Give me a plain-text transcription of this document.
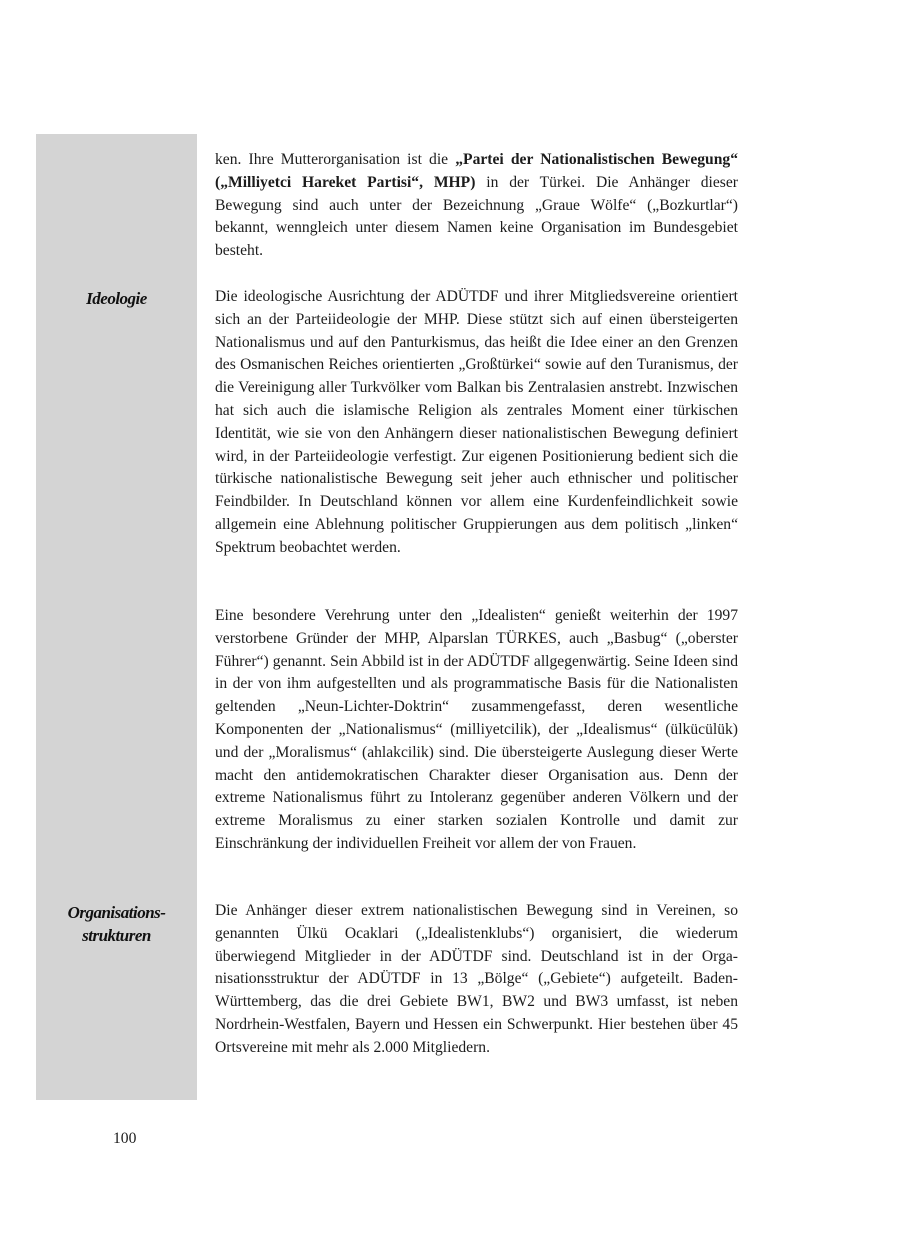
Ideologie
Organisations-
strukturen

ken. Ihre Mutterorganisation ist die „Partei der Nationalistischen Bewegung“ („Milliyetci Hareket Partisi“, MHP) in der Türkei. Die Anhänger dieser Bewegung sind auch unter der Bezeichnung „Graue Wölfe“ („Bozkurtlar“) bekannt, wenngleich unter diesem Namen keine Organisation im Bundesgebiet besteht.

Die ideologische Ausrichtung der ADÜTDF und ihrer Mitgliedsvereine orientiert sich an der Parteiideologie der MHP. Diese stützt sich auf einen übersteigerten Nationalismus und auf den Panturkismus, das heißt die Idee einer an den Grenzen des Osmanischen Reiches orientierten „Großtürkei“ sowie auf den Turanismus, der die Vereinigung aller Turkvölker vom Balkan bis Zentralasien anstrebt. Inzwischen hat sich auch die islamische Religion als zentrales Moment einer türkischen Identität, wie sie von den Anhängern dieser nationalistischen Bewegung definiert wird, in der Parteiideologie verfestigt. Zur eigenen Positionierung bedient sich die türkische nationalistische Bewegung seit jeher auch ethnischer und politischer Feindbilder. In Deutschland können vor allem eine Kurdenfeindlichkeit sowie allgemein eine Ablehnung politischer Gruppierungen aus dem politisch „linken“ Spektrum beobachtet werden.

Eine besondere Verehrung unter den „Idealisten“ genießt weiterhin der 1997 verstorbene Gründer der MHP, Alparslan TÜRKES, auch „Basbug“ („oberster Führer“) genannt. Sein Abbild ist in der ADÜTDF allgegenwärtig. Seine Ideen sind in der von ihm aufgestellten und als programmatische Basis für die Nationalisten geltenden „Neun-Lichter-Doktrin“ zusammengefasst, deren wesentliche Komponenten der „Nationalismus“ (milliyetcilik), der „Idealismus“ (ülkücülük) und der „Moralismus“ (ahlakcilik) sind. Die übersteigerte Auslegung dieser Werte macht den antidemokratischen Charakter dieser Organisation aus. Denn der extreme Nationalismus führt zu Intoleranz gegenüber anderen Völkern und der extreme Moralismus zu einer starken sozialen Kontrolle und damit zur Einschränkung der individuellen Freiheit vor allem der von Frauen.

Die Anhänger dieser extrem nationalistischen Bewegung sind in Vereinen, so genannten Ülkü Ocaklari („Idealistenklubs“) organisiert, die wiederum überwiegend Mitglieder in der ADÜTDF sind. Deutschland ist in der Organisationsstruktur der ADÜTDF in 13 „Bölge“ („Gebiete“) aufgeteilt. Baden-Württemberg, das die drei Gebiete BW1, BW2 und BW3 umfasst, ist neben Nordrhein-Westfalen, Bayern und Hessen ein Schwerpunkt. Hier bestehen über 45 Ortsvereine mit mehr als 2.000 Mitgliedern.

100
